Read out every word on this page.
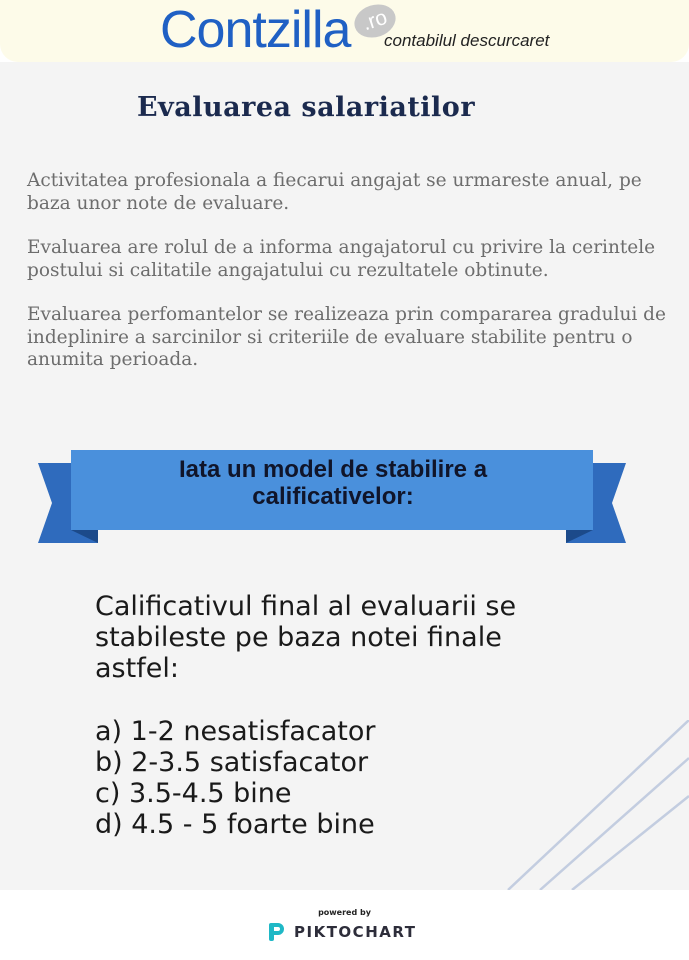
Contzilla .ro
contabilul descurcaret
Evaluarea salariatilor

Activitatea profesionala a fiecarui angajat se urmareste anual, pe baza unor note de evaluare.

Evaluarea are rolul de a informa angajatorul cu privire la cerintele postului si calitatile angajatului cu rezultatele obtinute.

Evaluarea perfomantelor se realizeaza prin compararea gradului de indeplinire a sarcinilor si criteriile de evaluare stabilite pentru o anumita perioada.

Iata un model de stabilire a
calificativelor:

Calificativul final al evaluarii se

stabileste pe baza notei finale

astfel:

a) 1-2 nesatisfacator
b) 2-3.5 satisfacator
c) 3.5-4.5 bine
d) 4.5 - 5 foarte bine
powered by
PIKTOCHART
